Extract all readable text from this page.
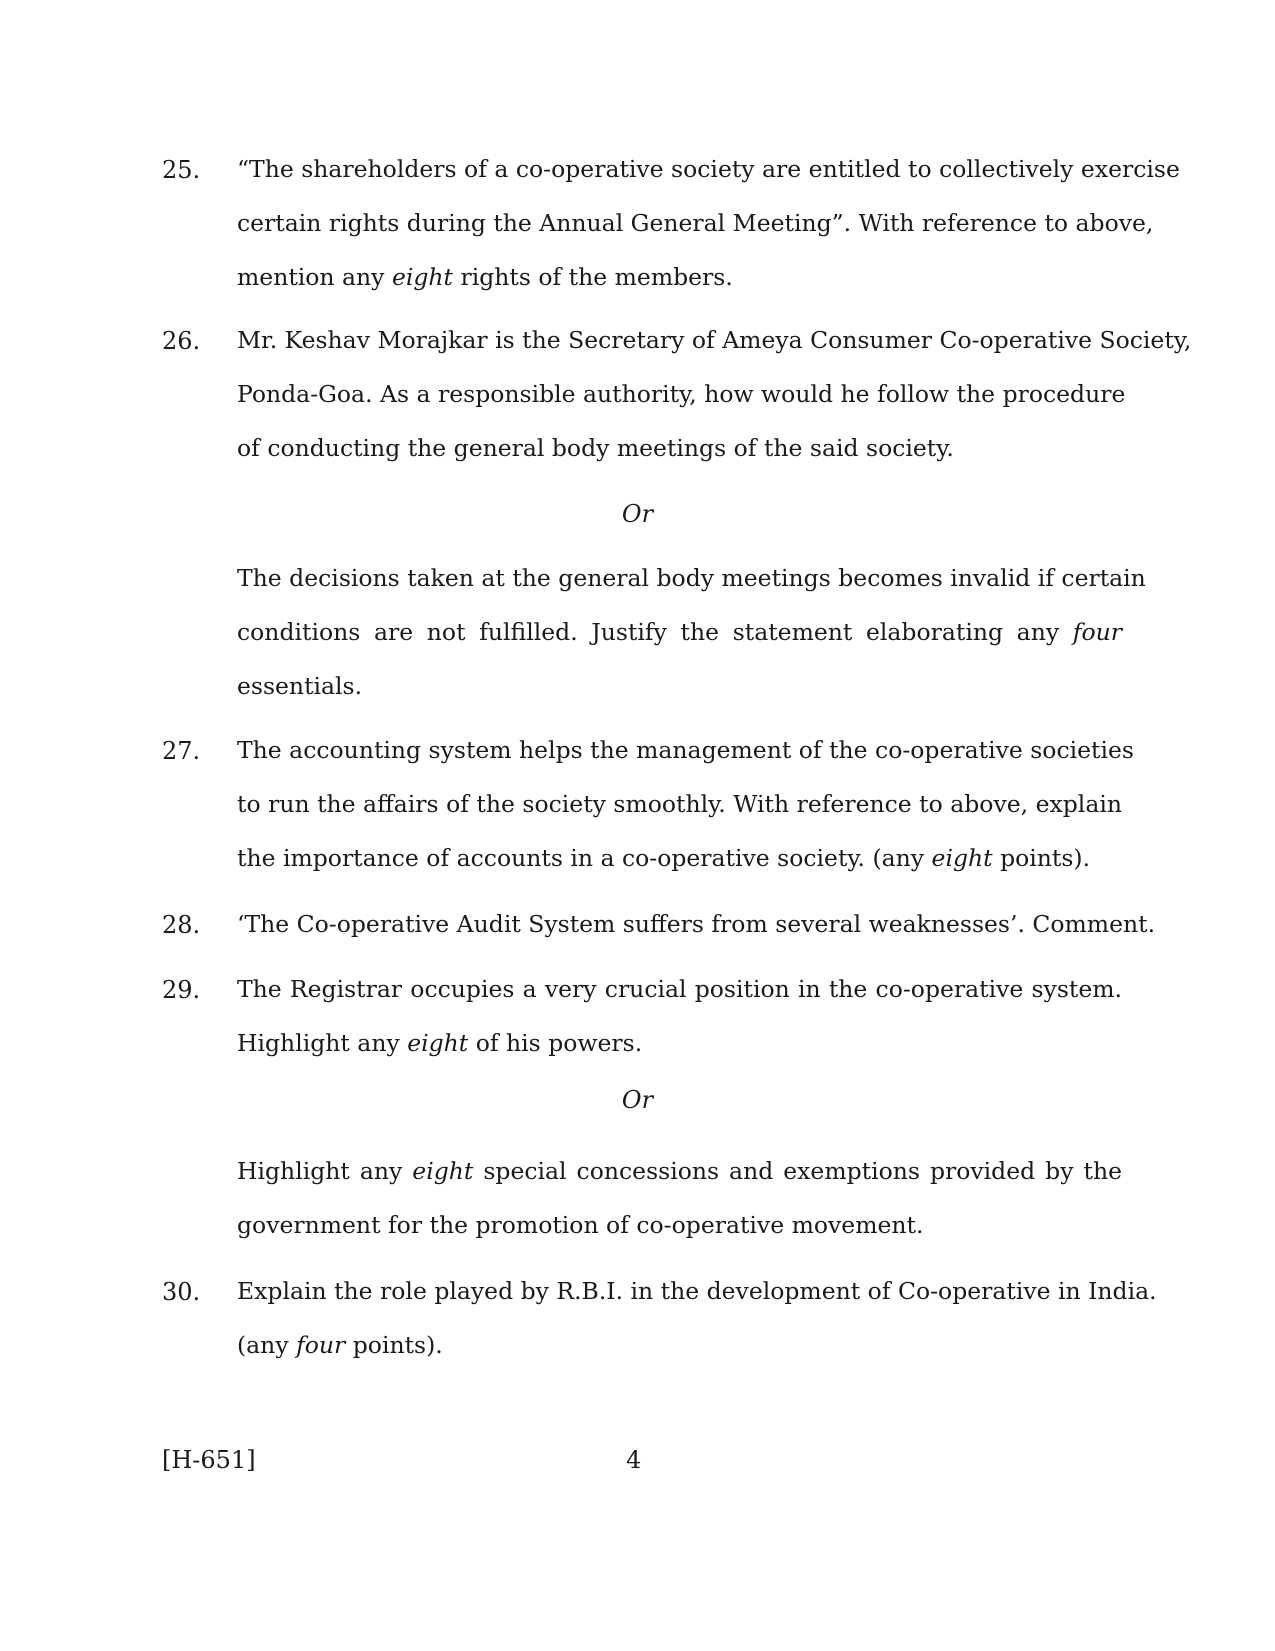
25. “The shareholders of a co-operative society are entitled to collectively exercise
certain rights during the Annual General Meeting”. With reference to above,
mention any eight rights of the members.
26. Mr. Keshav Morajkar is the Secretary of Ameya Consumer Co-operative Society,
Ponda-Goa. As a responsible authority, how would he follow the procedure
of conducting the general body meetings of the said society.
Or
The decisions taken at the general body meetings becomes invalid if certain
conditions are not fulfilled. Justify the statement elaborating any four
essentials.
27. The accounting system helps the management of the co-operative societies
to run the affairs of the society smoothly. With reference to above, explain
the importance of accounts in a co-operative society. (any eight points).
28. ‘The Co-operative Audit System suffers from several weaknesses’. Comment.
29. The Registrar occupies a very crucial position in the co-operative system.
Highlight any eight of his powers.
Or
Highlight any eight special concessions and exemptions provided by the
government for the promotion of co-operative movement.
30. Explain the role played by R.B.I. in the development of Co-operative in India.
(any four points).
[H-651]	4
